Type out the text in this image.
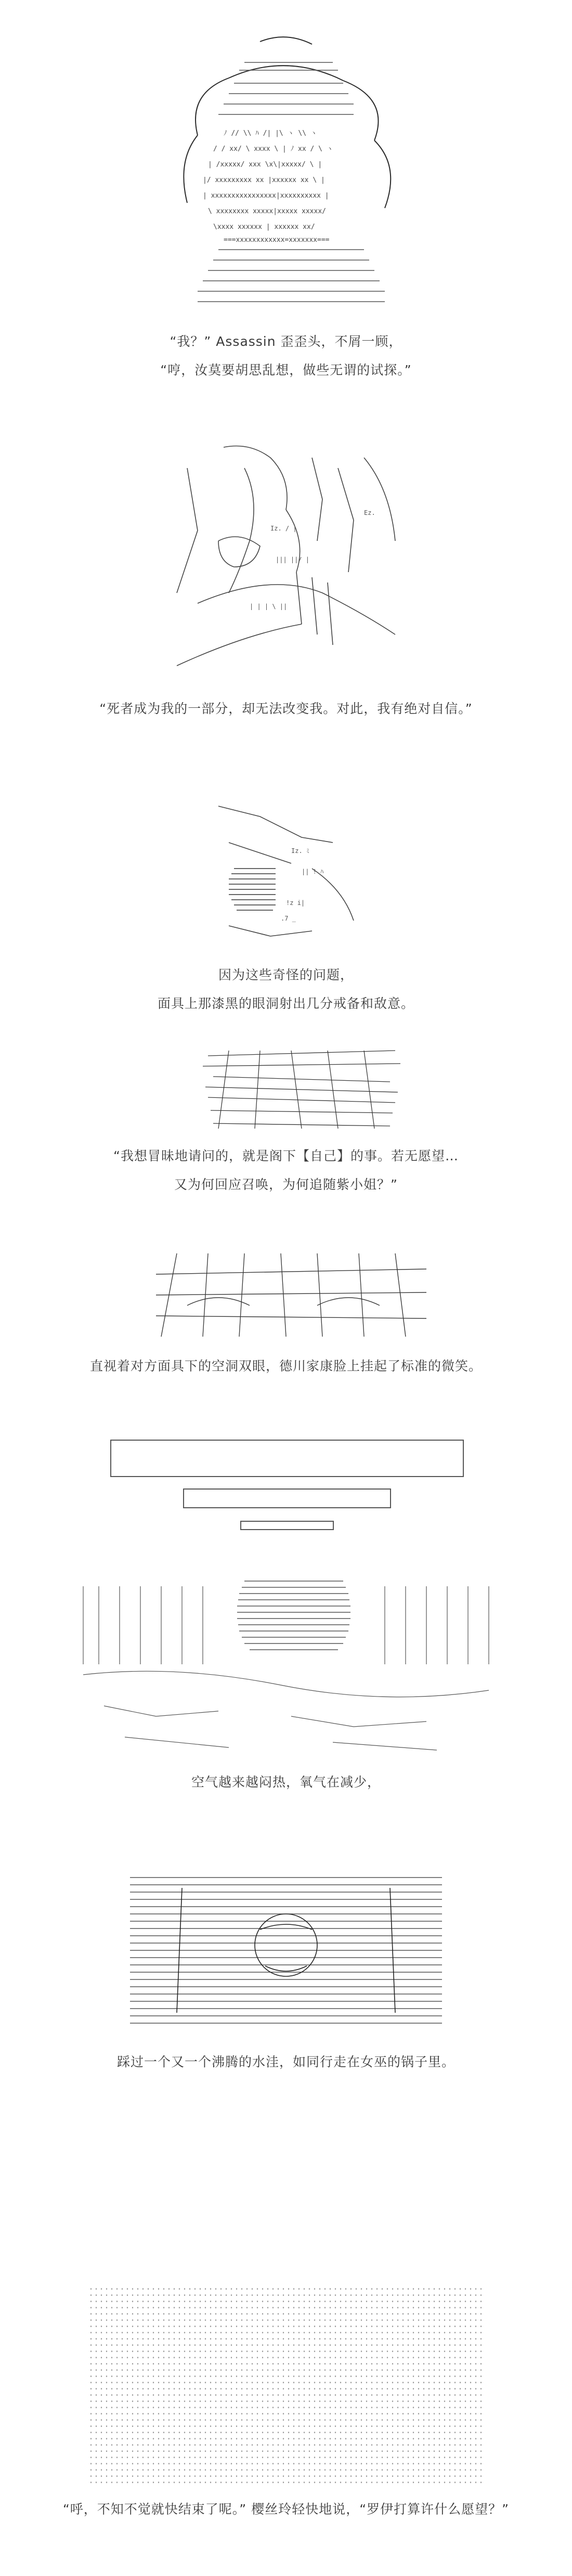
ﾉ // \\ ﾊ /| |\ ヽ \\ ヽ
/ / xx/ \ xxxx \ | ﾉ xx / \ ヽ
| /xxxxx/ xxx \x\|xxxxx/ \ |
|/ xxxxxxxxx xx |xxxxxx xx \ |
| xxxxxxxxxxxxxxxx|xxxxxxxxxx |
\ xxxxxxxx xxxxx|xxxxx xxxxx/
\xxxx xxxxxx | xxxxxx xx/
===xxxxxxxxxxxx=xxxxxxx===
“我？” Assassin 歪歪头，不屑一顾，
“哼，汝莫要胡思乱想，做些无谓的试探。”
Iz. / |
||| ||/ |
| | | \ ||
Ez.
“死者成为我的一部分，却无法改变我。对此，我有绝对自信。”
Iz. ﾐ
|| ! ﾊ
!z i|
.7 _
因为这些奇怪的问题，
面具上那漆黑的眼洞射出几分戒备和敌意。
“我想冒昧地请问的，就是阁下【自己】的事。若无愿望…
又为何回应召唤，为何追随紫小姐？”
直视着对方面具下的空洞双眼，德川家康脸上挂起了标准的微笑。
空气越来越闷热，氧气在减少，
踩过一个又一个沸腾的水洼，如同行走在女巫的锅子里。
“呼，不知不觉就快结束了呢。” 樱丝玲轻快地说，“罗伊打算许什么愿望？”
